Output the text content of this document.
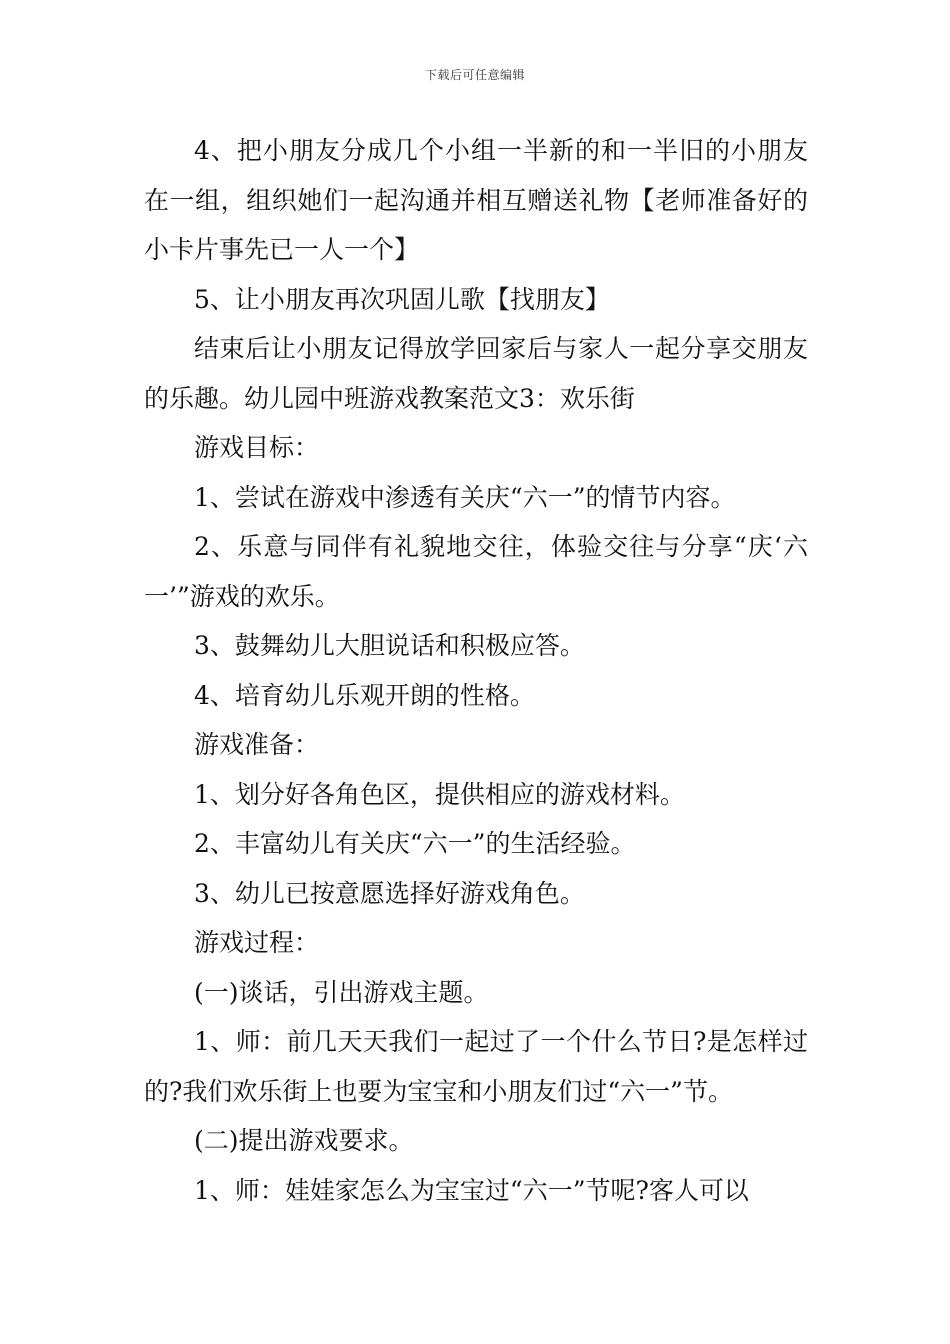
下载后可任意编辑

4、把小朋友分成几个小组一半新的和一半旧的小朋友在一组，组织她们一起沟通并相互赠送礼物【老师准备好的小卡片事先已一人一个】

5、让小朋友再次巩固儿歌【找朋友】

结束后让小朋友记得放学回家后与家人一起分享交朋友的乐趣。幼儿园中班游戏教案范文3：欢乐街

游戏目标：

1、尝试在游戏中渗透有关庆“六一”的情节内容。

2、乐意与同伴有礼貌地交往，体验交往与分享“庆‘六一’”游戏的欢乐。

3、鼓舞幼儿大胆说话和积极应答。

4、培育幼儿乐观开朗的性格。

游戏准备：

1、划分好各角色区，提供相应的游戏材料。

2、丰富幼儿有关庆“六一”的生活经验。

3、幼儿已按意愿选择好游戏角色。

游戏过程：

(一)谈话，引出游戏主题。

1、师：前几天天我们一起过了一个什么节日?是怎样过的?我们欢乐街上也要为宝宝和小朋友们过“六一”节。

(二)提出游戏要求。

1、师：娃娃家怎么为宝宝过“六一”节呢?客人可以
